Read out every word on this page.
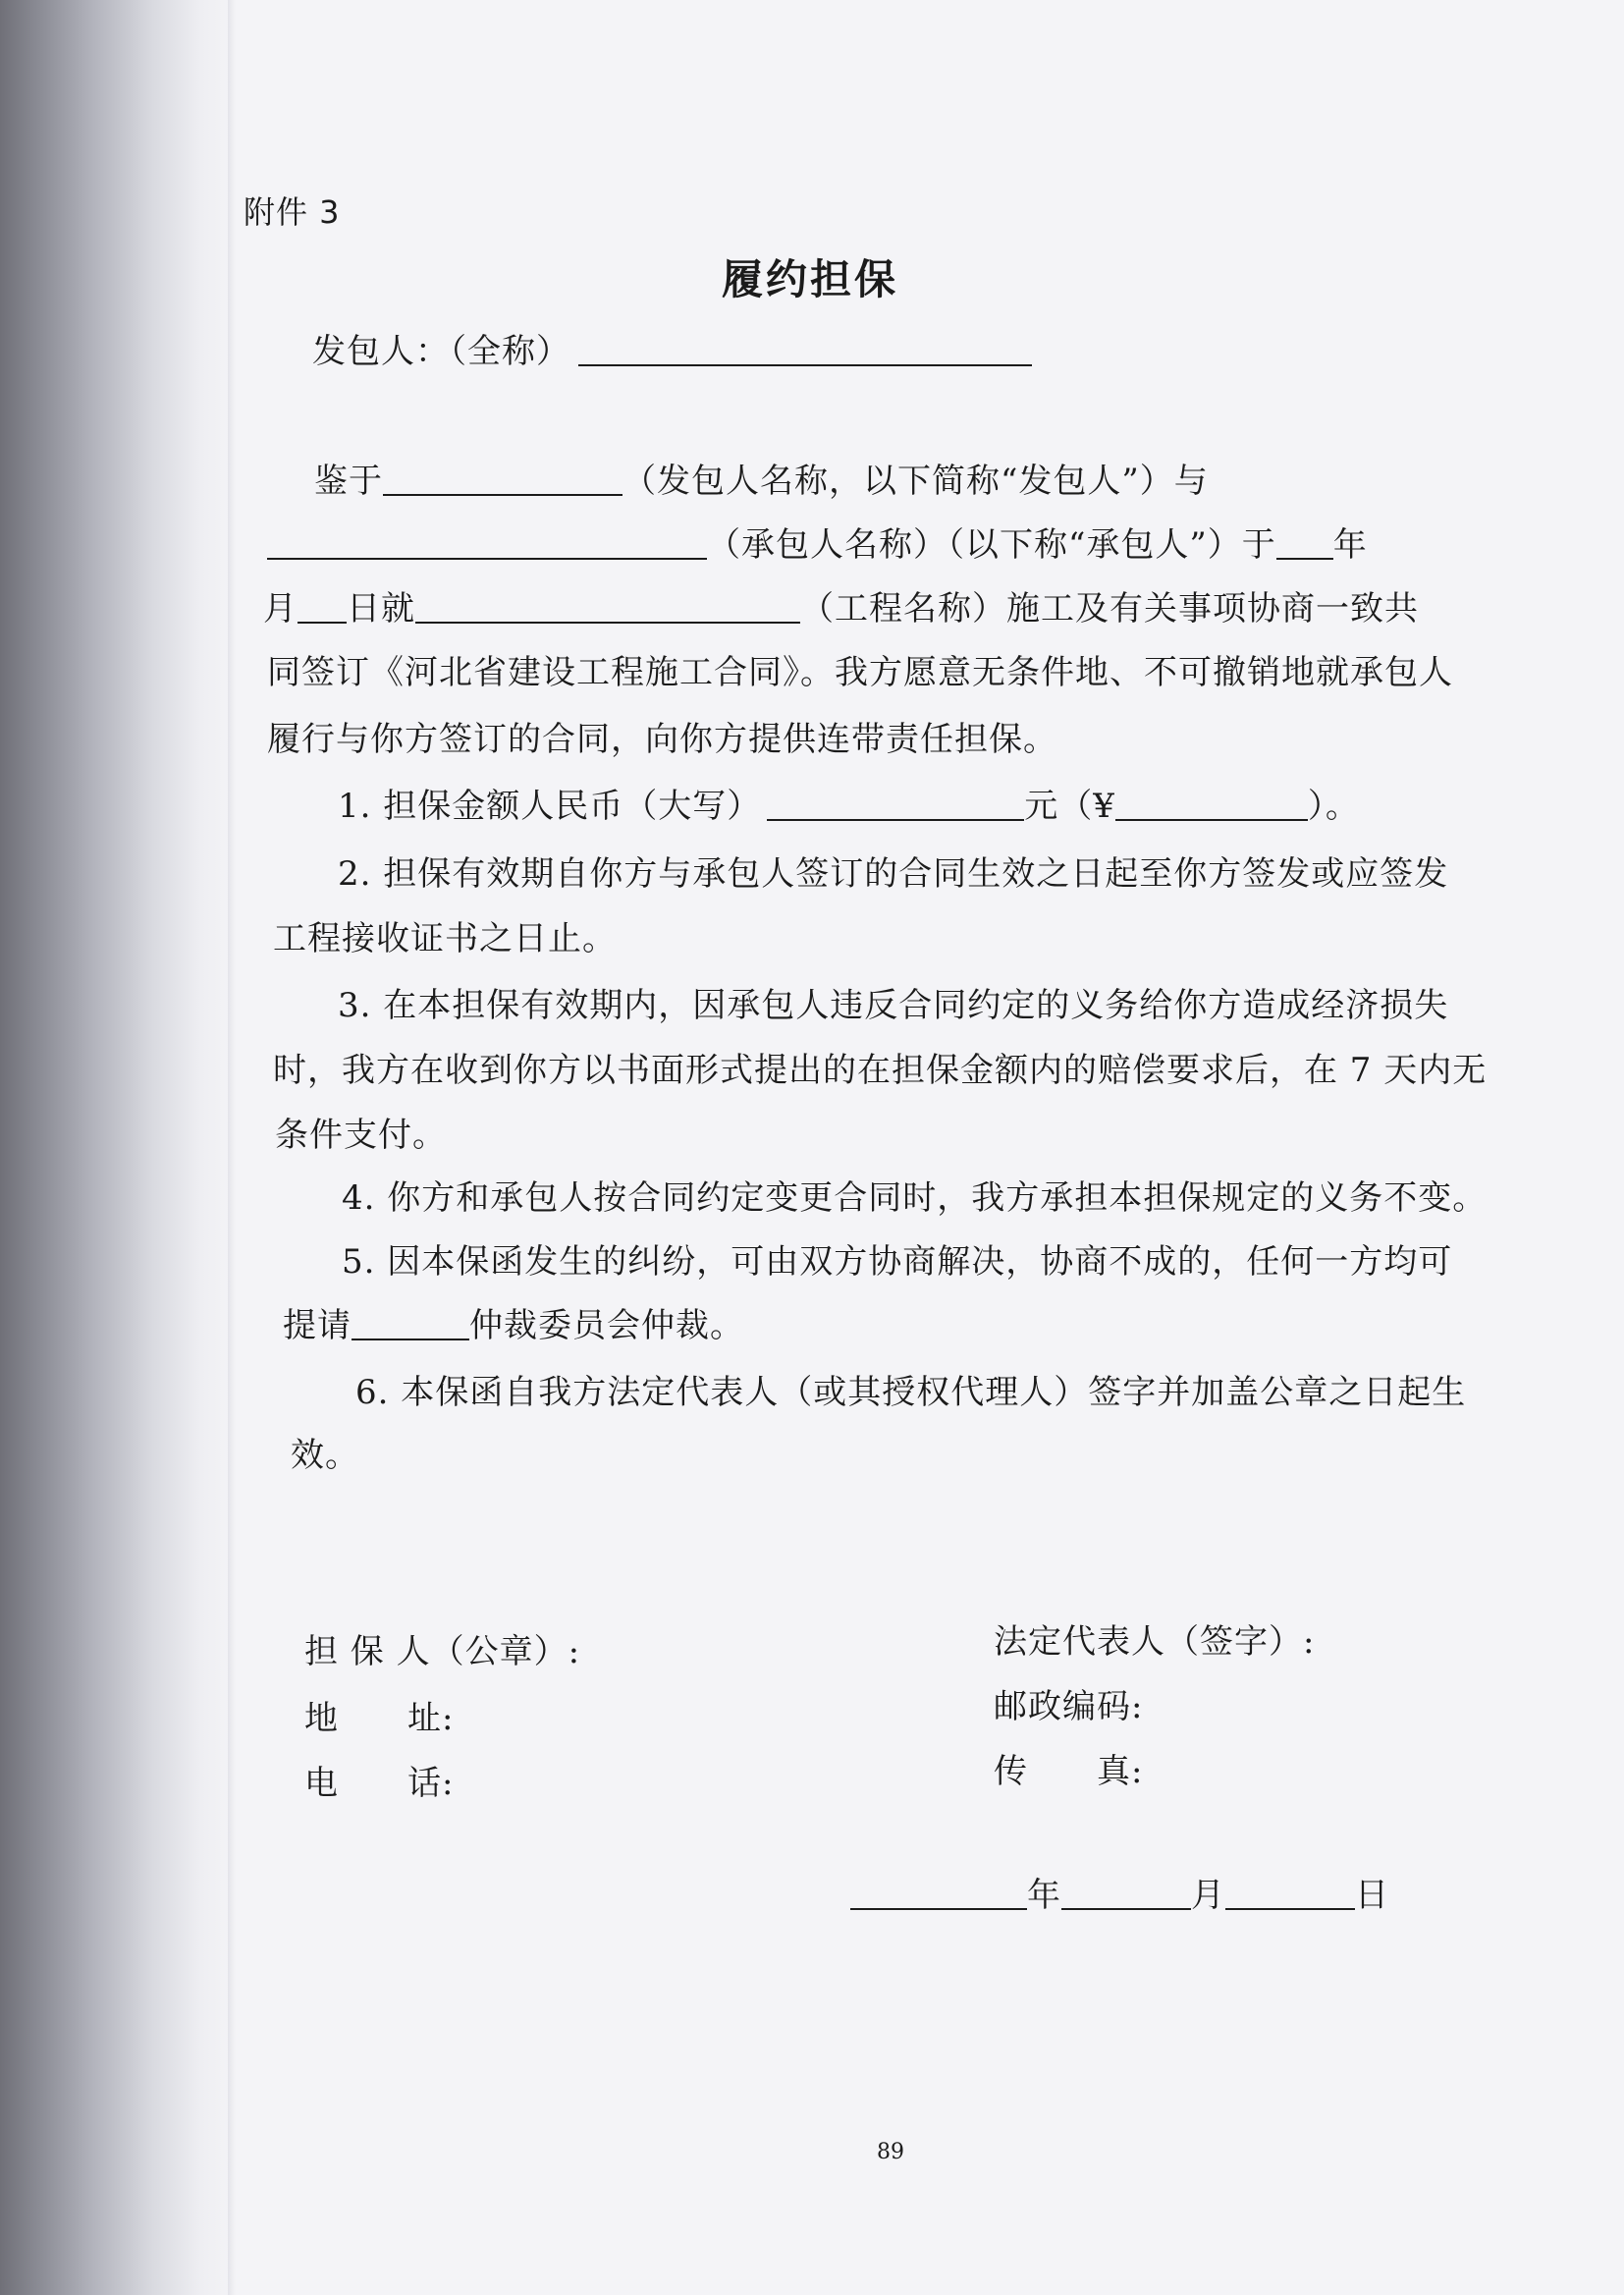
附件 3
履约担保
发包人：（全称）
鉴于	（发包人名称，以下简称“发包人”）与
（承包人名称）（以下称“承包人”）于 年
月 日就	（工程名称）施工及有关事项协商一致共
同签订《河北省建设工程施工合同》。我方愿意无条件地、不可撤销地就承包人
履行与你方签订的合同，向你方提供连带责任担保。
1. 担保金额人民币（大写）	元（¥	）。
2. 担保有效期自你方与承包人签订的合同生效之日起至你方签发或应签发
工程接收证书之日止。
3. 在本担保有效期内，因承包人违反合同约定的义务给你方造成经济损失
时，我方在收到你方以书面形式提出的在担保金额内的赔偿要求后，在 7 天内无
条件支付。
4. 你方和承包人按合同约定变更合同时，我方承担本担保规定的义务不变。
5. 因本保函发生的纠纷，可由双方协商解决，协商不成的，任何一方均可
提请	仲裁委员会仲裁。
6. 本保函自我方法定代表人（或其授权代理人）签字并加盖公章之日起生
效。
担 保 人（公章）:
地　　址:
电　　话:
法定代表人（签字）:
邮政编码:
传　　真:
年	月	日
89
